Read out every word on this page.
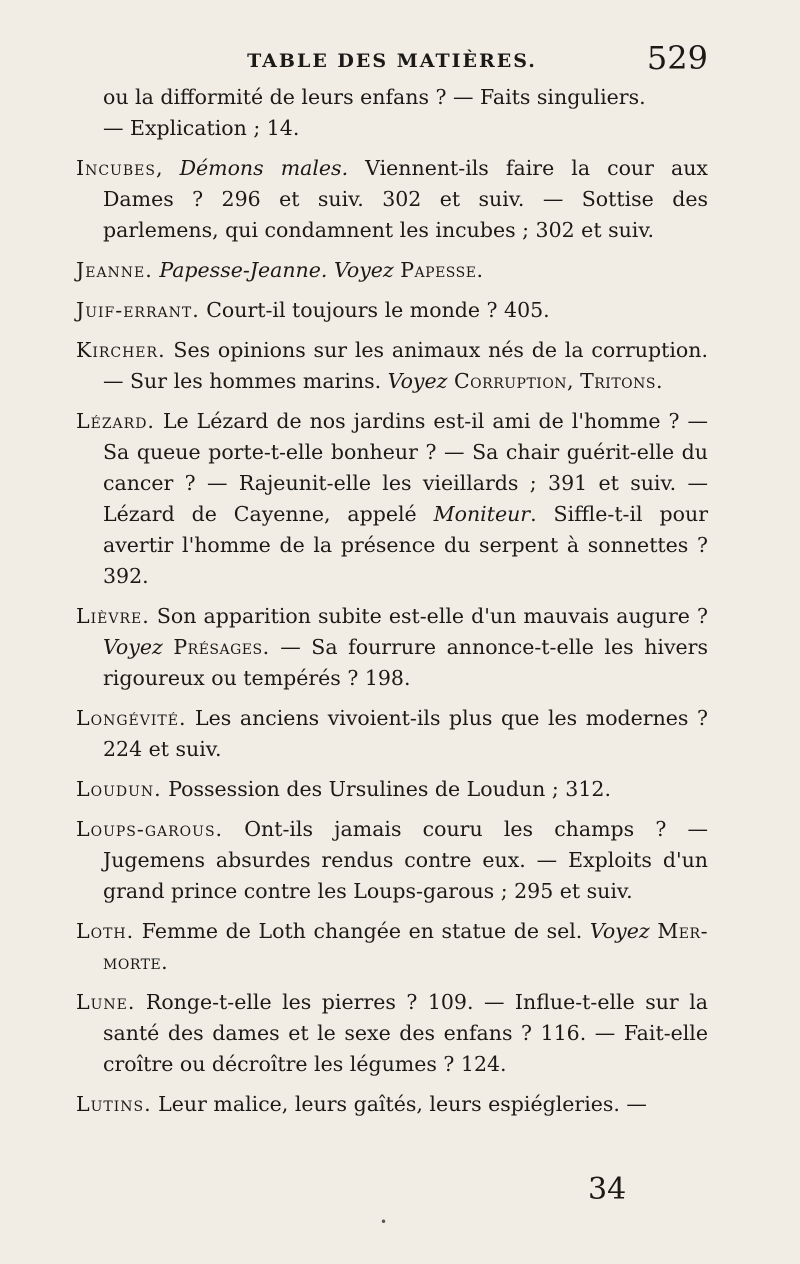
TABLE DES MATIÈRES.	529

ou la difformité de leurs enfans ? — Faits singuliers.
— Explication ; 14.

Incubes, Démons males. Viennent-ils faire la cour aux Dames ? 296 et suiv. 302 et suiv. — Sottise des parlemens, qui condamnent les incubes ; 302 et suiv.

Jeanne. Papesse-Jeanne. Voyez Papesse.

Juif-errant. Court-il toujours le monde ? 405.

Kircher. Ses opinions sur les animaux nés de la corruption. — Sur les hommes marins. Voyez Corruption, Tritons.

Lézard. Le Lézard de nos jardins est-il ami de l'homme ? — Sa queue porte-t-elle bonheur ? — Sa chair guérit-elle du cancer ? — Rajeunit-elle les vieillards ; 391 et suiv. — Lézard de Cayenne, appelé Moniteur. Siffle-t-il pour avertir l'homme de la présence du serpent à sonnettes ? 392.

Lièvre. Son apparition subite est-elle d'un mauvais augure ? Voyez Présages. — Sa fourrure annonce-t-elle les hivers rigoureux ou tempérés ? 198.

Longévité. Les anciens vivoient-ils plus que les modernes ? 224 et suiv.

Loudun. Possession des Ursulines de Loudun ; 312.

Loups-garous. Ont-ils jamais couru les champs ? — Jugemens absurdes rendus contre eux. — Exploits d'un grand prince contre les Loups-garous ; 295 et suiv.

Loth. Femme de Loth changée en statue de sel. Voyez Mer-morte.

Lune. Ronge-t-elle les pierres ? 109. — Influe-t-elle sur la santé des dames et le sexe des enfans ? 116. — Fait-elle croître ou décroître les légumes ? 124.

Lutins. Leur malice, leurs gaîtés, leurs espiégleries. —

34
•
